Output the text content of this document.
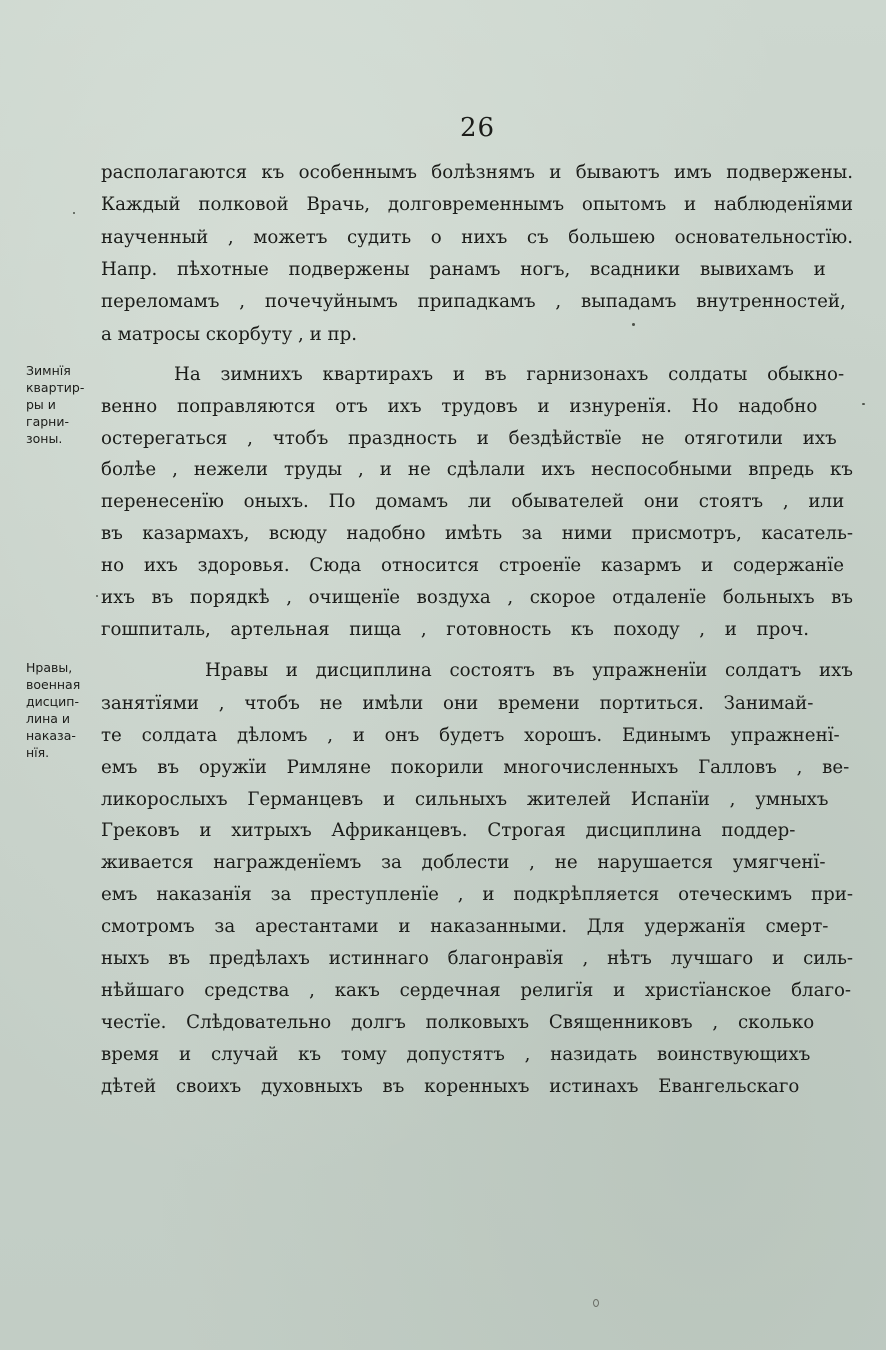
26
располагаются къ особеннымъ болѣзнямъ и бываютъ имъ подвержены.
Каждый полковой Врачь, долговременнымъ опытомъ и наблюденїями
наученный , можетъ судить о нихъ съ большею основательностїю.
Напр. пѣхотные подвержены ранамъ ногъ, всадники вывихамъ и
переломамъ , почечуйнымъ припадкамъ , выпадамъ внутренностей,
а матросы скорбуту , и пр.
Зимнїя
квартир-
ры и
гарни-
зоны.
На зимнихъ квартирахъ и въ гарнизонахъ солдаты обыкно-
венно поправляются отъ ихъ трудовъ и изнуренїя. Но надобно
остерегаться , чтобъ праздность и бездѣйствїе не отяготили ихъ
болѣе , нежели труды , и не сдѣлали ихъ неспособными впредь къ
перенесенїю оныхъ. По домамъ ли обывателей они стоятъ , или
въ казармахъ, всюду надобно имѣть за ними присмотръ, касатель-
но ихъ здоровья. Сюда относится строенїе казармъ и содержанїе
ихъ въ порядкѣ , очищенїе воздуха , скорое отдаленїе больныхъ въ
гошпиталь, артельная пища , готовность къ походу , и проч.
Нравы,
военная
дисцип-
лина и
наказа-
нїя.
Нравы и дисциплина состоятъ въ упражненїи солдатъ ихъ
занятїями , чтобъ не имѣли они времени портиться. Занимай-
те солдата дѣломъ , и онъ будетъ хорошъ. Единымъ упражненї-
емъ въ оружїи Римляне покорили многочисленныхъ Галловъ , ве-
ликорослыхъ Германцевъ и сильныхъ жителей Испанїи , умныхъ
Грековъ и хитрыхъ Африканцевъ. Строгая дисциплина поддер-
живается награжденїемъ за доблести , не нарушается умягченї-
емъ наказанїя за преступленїе , и подкрѣпляется отеческимъ при-
смотромъ за арестантами и наказанными. Для удержанїя смерт-
ныхъ въ предѣлахъ истиннаго благонравїя , нѣтъ лучшаго и силь-
нѣйшаго средства , какъ сердечная религїя и христїанское благо-
честїе. Слѣдовательно долгъ полковыхъ Священниковъ , сколько
время и случай къ тому допустятъ , назидать воинствующихъ
дѣтей своихъ духовныхъ въ коренныхъ истинахъ Евангельскаго
